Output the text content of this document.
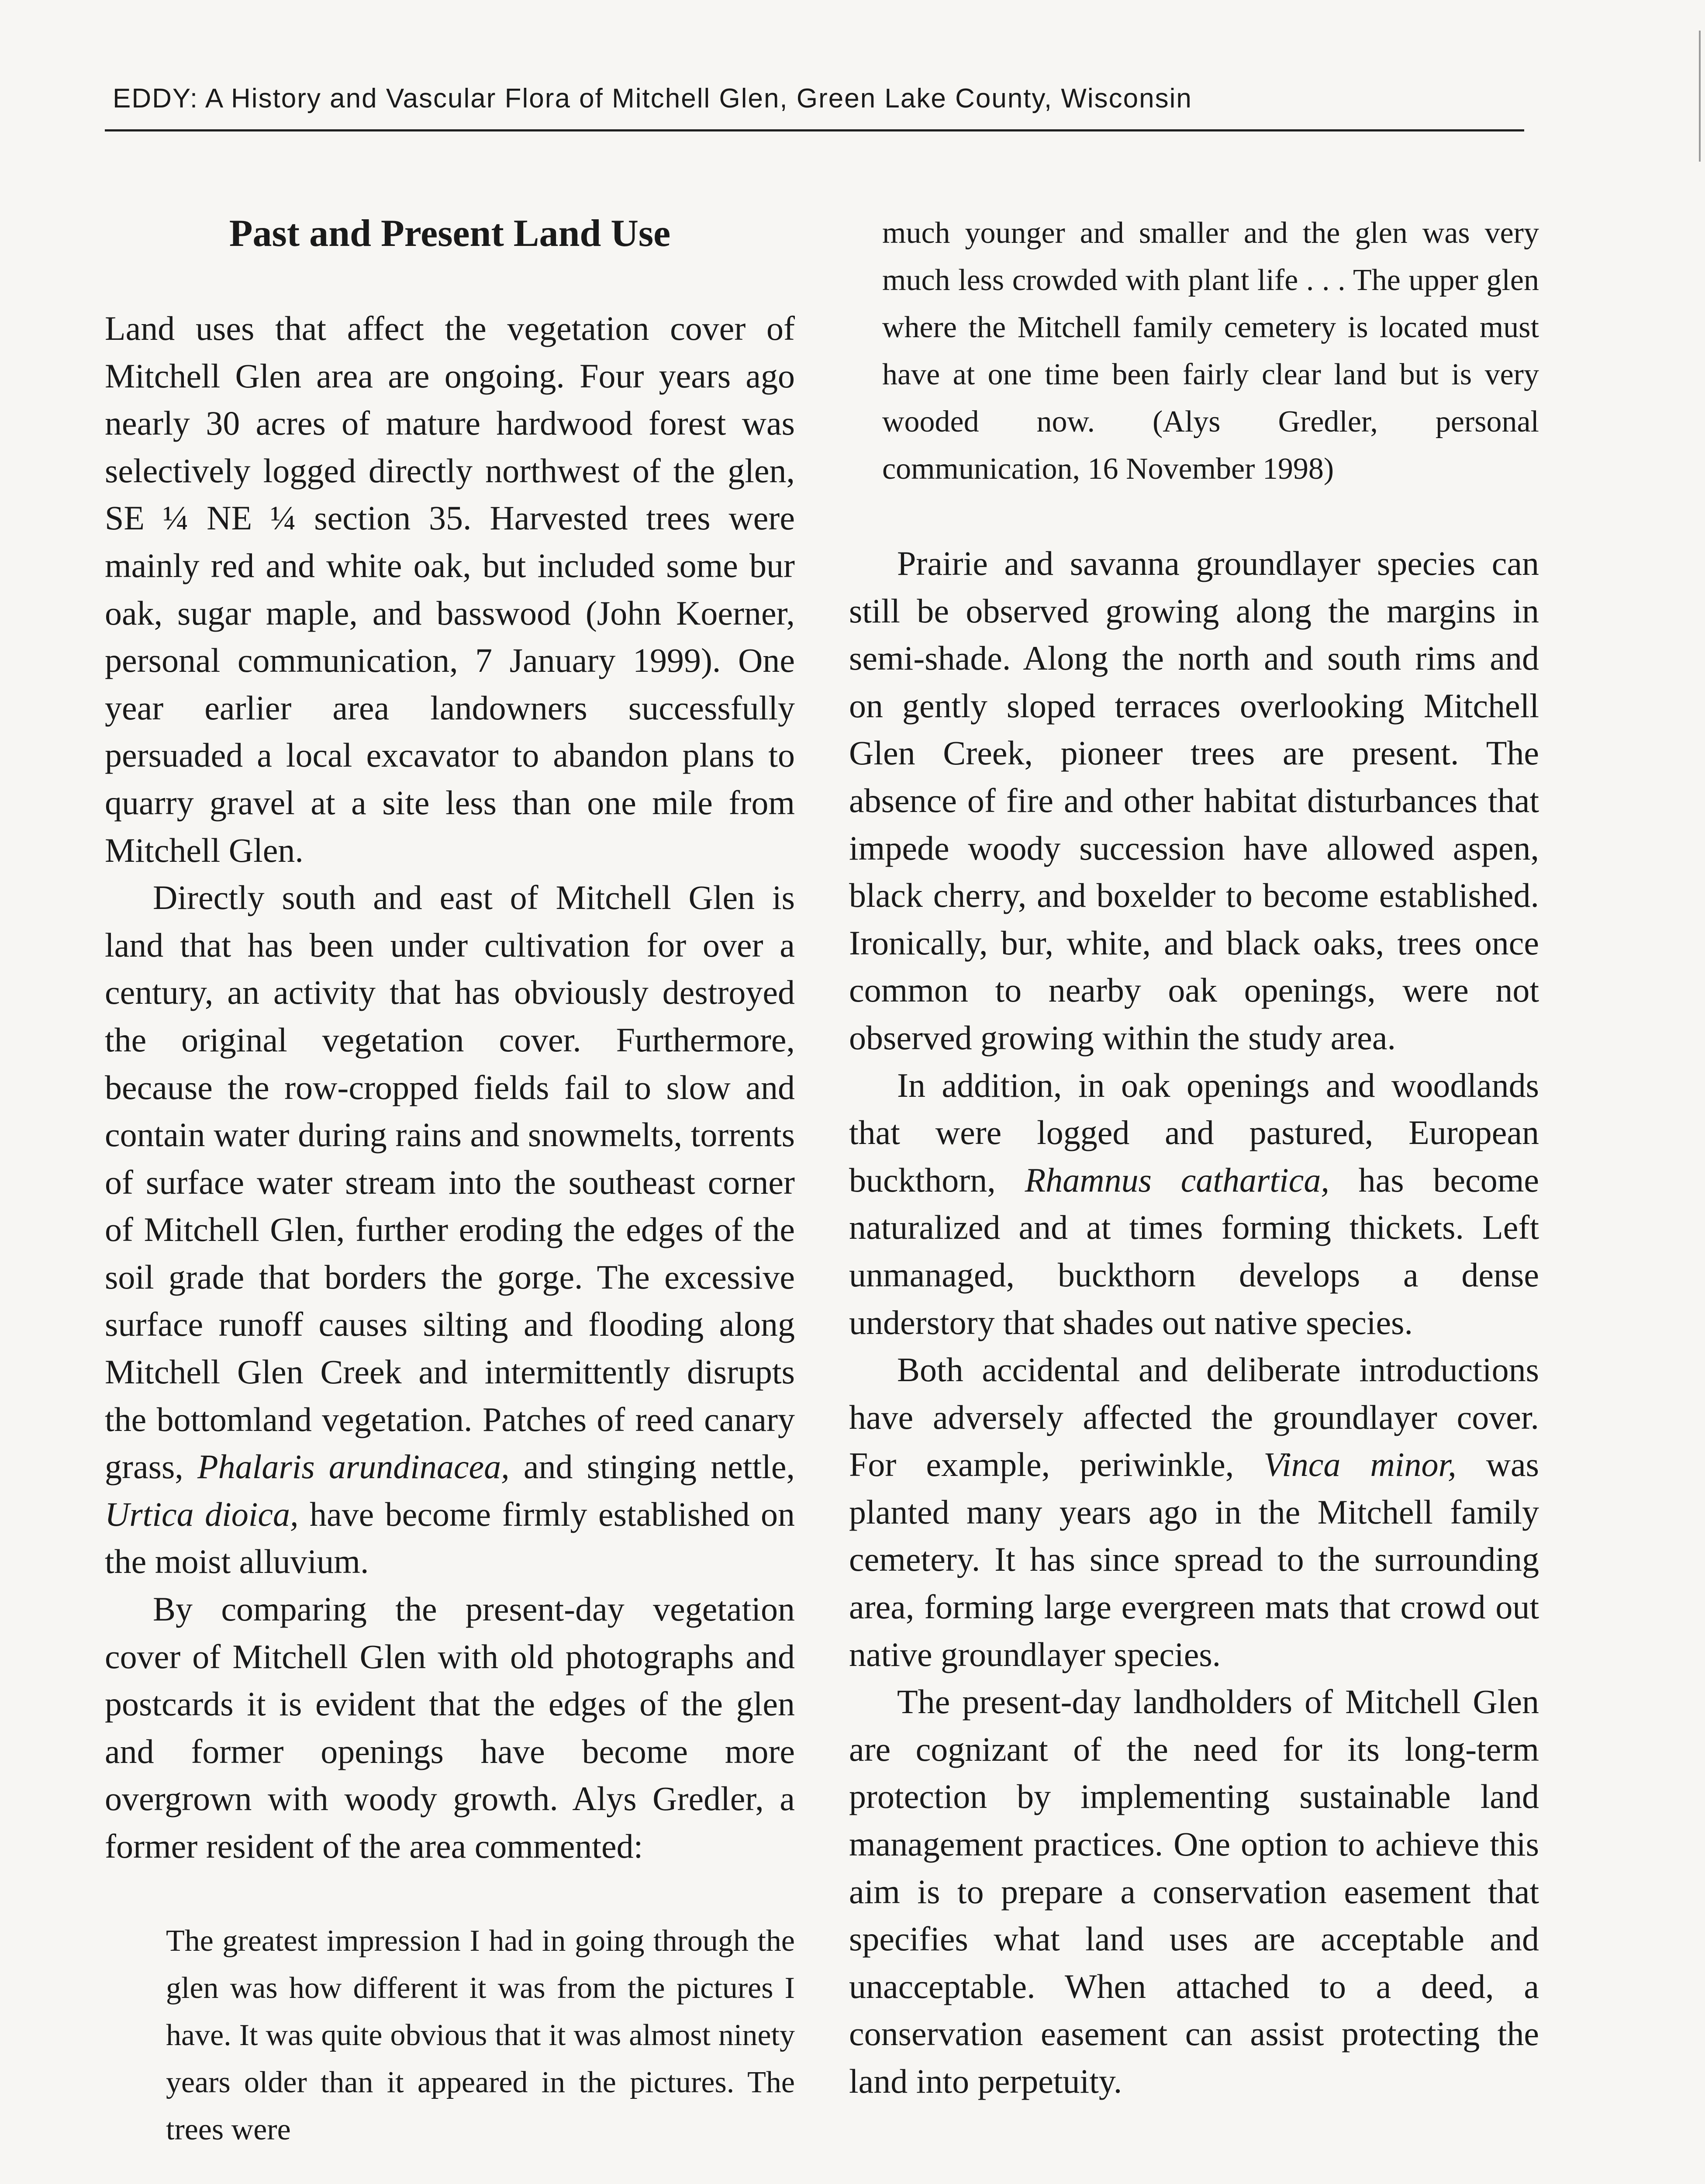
EDDY: A History and Vascular Flora of Mitchell Glen, Green Lake County, Wisconsin
Past and Present Land Use

Land uses that affect the vegetation cover of Mitchell Glen area are ongoing. Four years ago nearly 30 acres of mature hardwood forest was selectively logged directly northwest of the glen, SE ¼ NE ¼ section 35. Harvested trees were mainly red and white oak, but included some bur oak, sugar maple, and basswood (John Koerner, personal communication, 7 January 1999). One year earlier area landowners successfully persuaded a local excavator to abandon plans to quarry gravel at a site less than one mile from Mitchell Glen.

Directly south and east of Mitchell Glen is land that has been under cultivation for over a century, an activity that has obviously destroyed the original vegetation cover. Furthermore, because the row-cropped fields fail to slow and contain water during rains and snowmelts, torrents of surface water stream into the southeast corner of Mitchell Glen, further eroding the edges of the soil grade that borders the gorge. The excessive surface runoff causes silting and flooding along Mitchell Glen Creek and intermittently disrupts the bottomland vegetation. Patches of reed canary grass, Phalaris arundinacea, and stinging nettle, Urtica dioica, have become firmly established on the moist alluvium.

By comparing the present-day vegetation cover of Mitchell Glen with old photographs and postcards it is evident that the edges of the glen and former openings have become more overgrown with woody growth. Alys Gredler, a former resident of the area commented:

The greatest impression I had in going through the glen was how different it was from the pictures I have. It was quite obvious that it was almost ninety years older than it appeared in the pictures. The trees were

much younger and smaller and the glen was very much less crowded with plant life . . . The upper glen where the Mitchell family cemetery is located must have at one time been fairly clear land but is very wooded now. (Alys Gredler, personal communication, 16 November 1998)

Prairie and savanna groundlayer species can still be observed growing along the margins in semi-shade. Along the north and south rims and on gently sloped terraces overlooking Mitchell Glen Creek, pioneer trees are present. The absence of fire and other habitat disturbances that impede woody succession have allowed aspen, black cherry, and boxelder to become established. Ironically, bur, white, and black oaks, trees once common to nearby oak openings, were not observed growing within the study area.

In addition, in oak openings and woodlands that were logged and pastured, European buckthorn, Rhamnus cathartica, has become naturalized and at times forming thickets. Left unmanaged, buckthorn develops a dense understory that shades out native species.

Both accidental and deliberate introductions have adversely affected the groundlayer cover. For example, periwinkle, Vinca minor, was planted many years ago in the Mitchell family cemetery. It has since spread to the surrounding area, forming large evergreen mats that crowd out native groundlayer species.

The present-day landholders of Mitchell Glen are cognizant of the need for its long-term protection by implementing sustainable land management practices. One option to achieve this aim is to prepare a conservation easement that specifies what land uses are acceptable and unacceptable. When attached to a deed, a conservation easement can assist protecting the land into perpetuity.
